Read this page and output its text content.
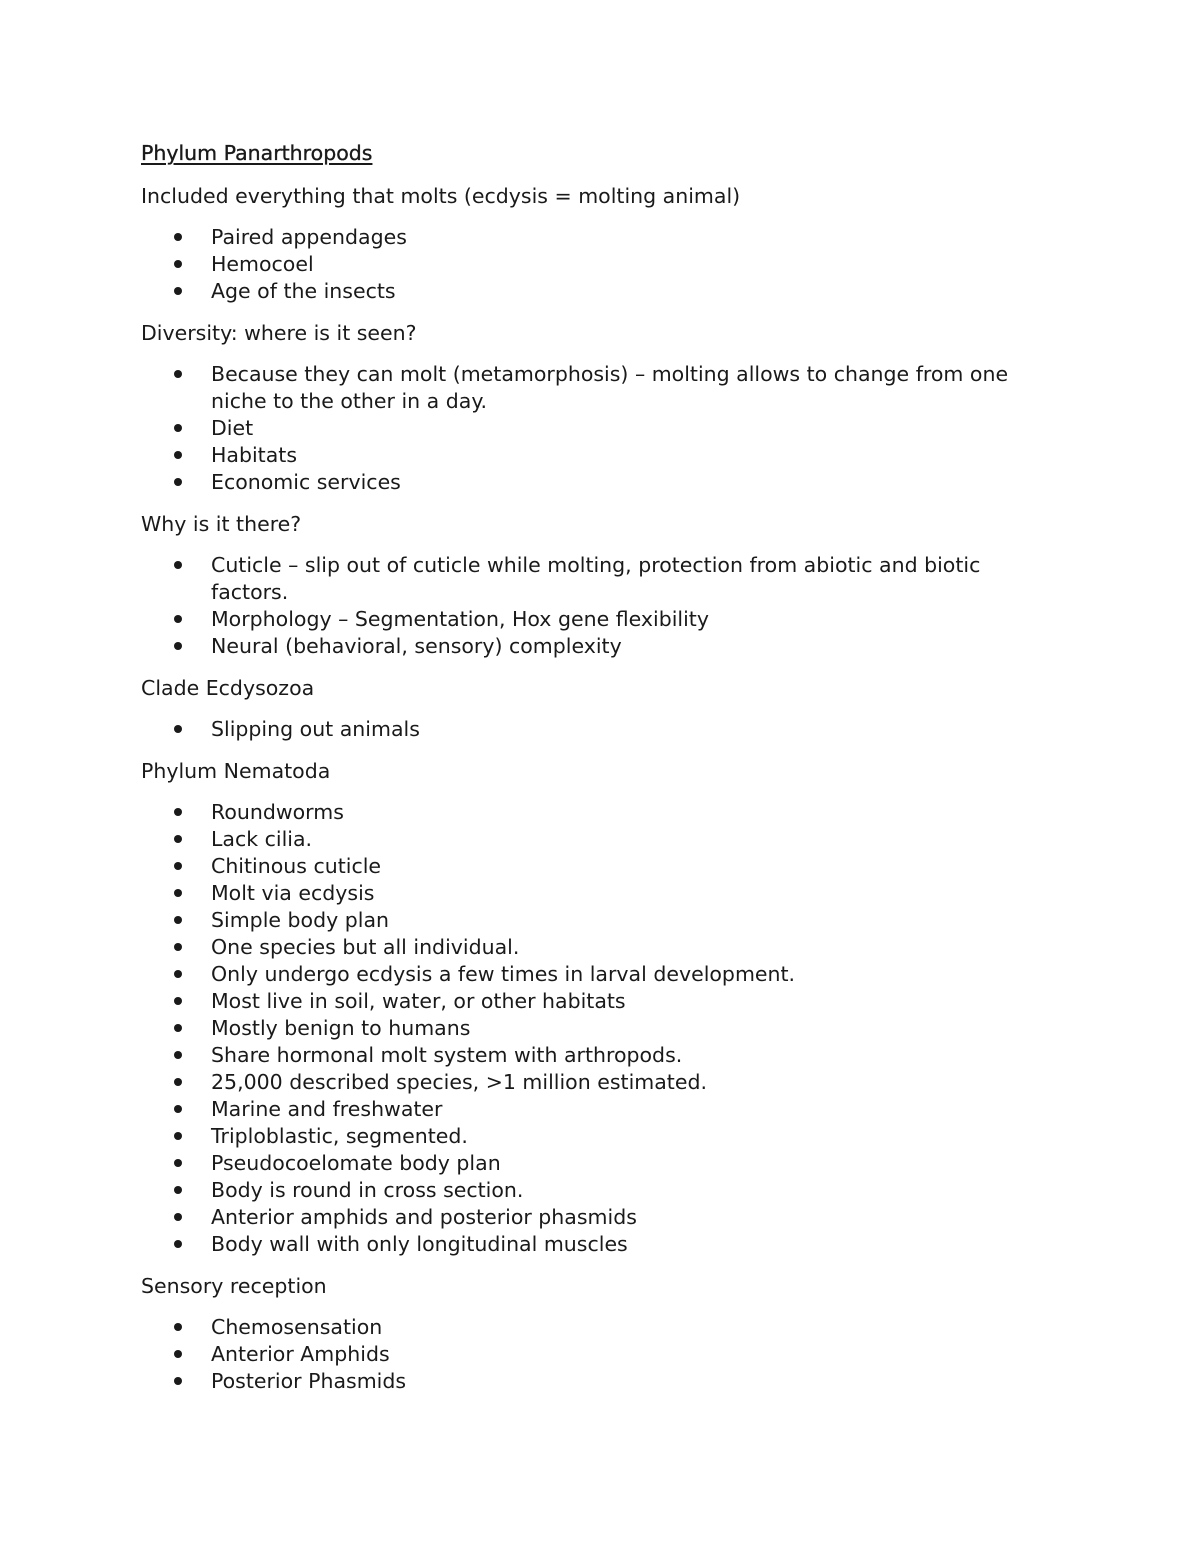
Phylum Panarthropods

Included everything that molts (ecdysis = molting animal)

Paired appendages
Hemocoel
Age of the insects

Diversity: where is it seen?

Because they can molt (metamorphosis) – molting allows to change from one niche to the other in a day.
Diet
Habitats
Economic services

Why is it there?

Cuticle – slip out of cuticle while molting, protection from abiotic and biotic factors.
Morphology – Segmentation, Hox gene flexibility
Neural (behavioral, sensory) complexity

Clade Ecdysozoa

Slipping out animals

Phylum Nematoda

Roundworms
Lack cilia.
Chitinous cuticle
Molt via ecdysis
Simple body plan
One species but all individual.
Only undergo ecdysis a few times in larval development.
Most live in soil, water, or other habitats
Mostly benign to humans
Share hormonal molt system with arthropods.
25,000 described species, >1 million estimated.
Marine and freshwater
Triploblastic, segmented.
Pseudocoelomate body plan
Body is round in cross section.
Anterior amphids and posterior phasmids
Body wall with only longitudinal muscles

Sensory reception

Chemosensation
Anterior Amphids
Posterior Phasmids
